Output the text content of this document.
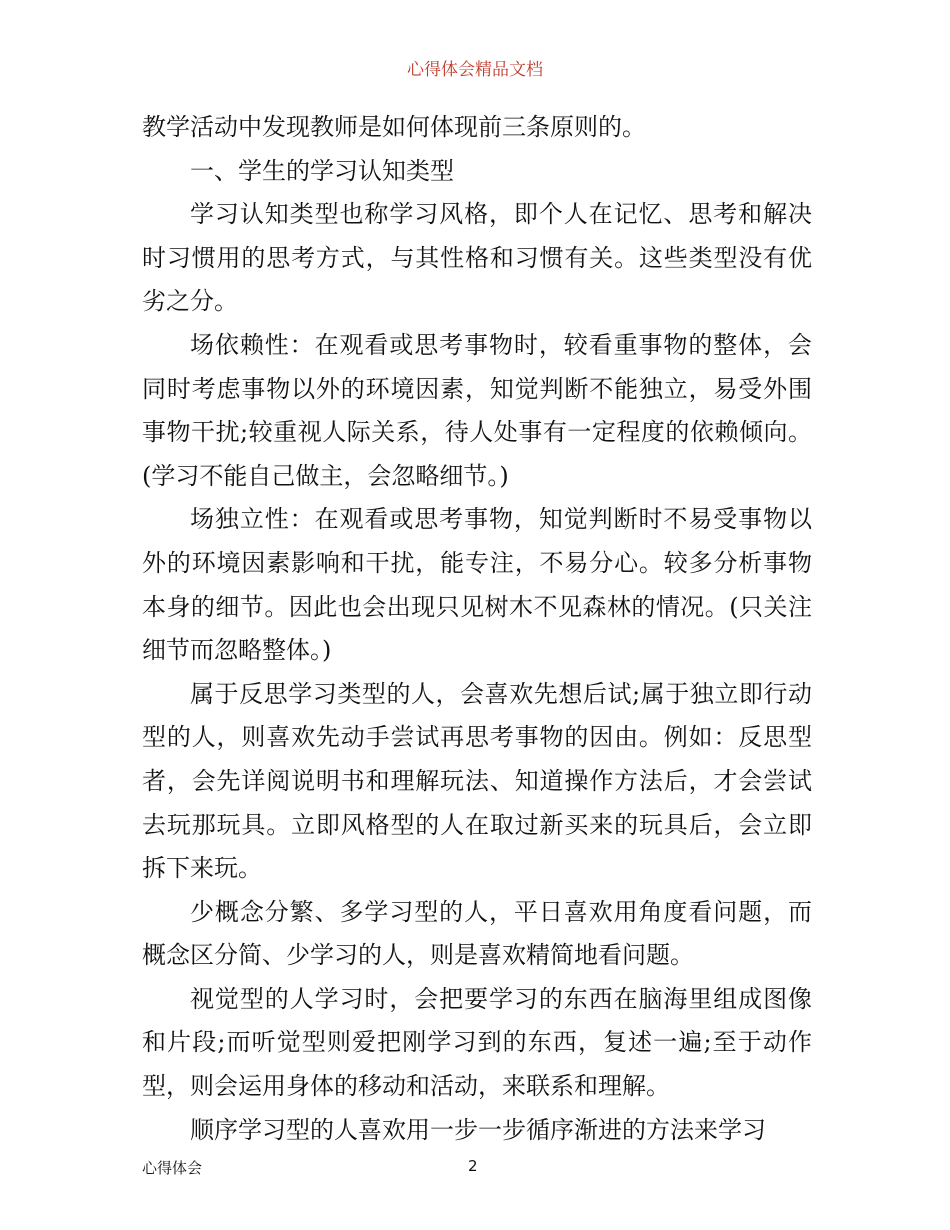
心得体会精品文档

教学活动中发现教师是如何体现前三条原则的。

一、学生的学习认知类型

学习认知类型也称学习风格，即个人在记忆、思考和解决时习惯用的思考方式，与其性格和习惯有关。这些类型没有优劣之分。

场依赖性：在观看或思考事物时，较看重事物的整体，会同时考虑事物以外的环境因素，知觉判断不能独立，易受外围事物干扰;较重视人际关系，待人处事有一定程度的依赖倾向。(学习不能自己做主，会忽略细节。)

场独立性：在观看或思考事物，知觉判断时不易受事物以外的环境因素影响和干扰，能专注，不易分心。较多分析事物本身的细节。因此也会出现只见树木不见森林的情况。(只关注细节而忽略整体。)

属于反思学习类型的人，会喜欢先想后试;属于独立即行动型的人，则喜欢先动手尝试再思考事物的因由。例如：反思型者，会先详阅说明书和理解玩法、知道操作方法后，才会尝试去玩那玩具。立即风格型的人在取过新买来的玩具后，会立即拆下来玩。

少概念分繁、多学习型的人，平日喜欢用角度看问题，而概念区分简、少学习的人，则是喜欢精简地看问题。

视觉型的人学习时，会把要学习的东西在脑海里组成图像和片段;而听觉型则爱把刚学习到的东西，复述一遍;至于动作型，则会运用身体的移动和活动，来联系和理解。

顺序学习型的人喜欢用一步一步循序渐进的方法来学习

心得体会	2
